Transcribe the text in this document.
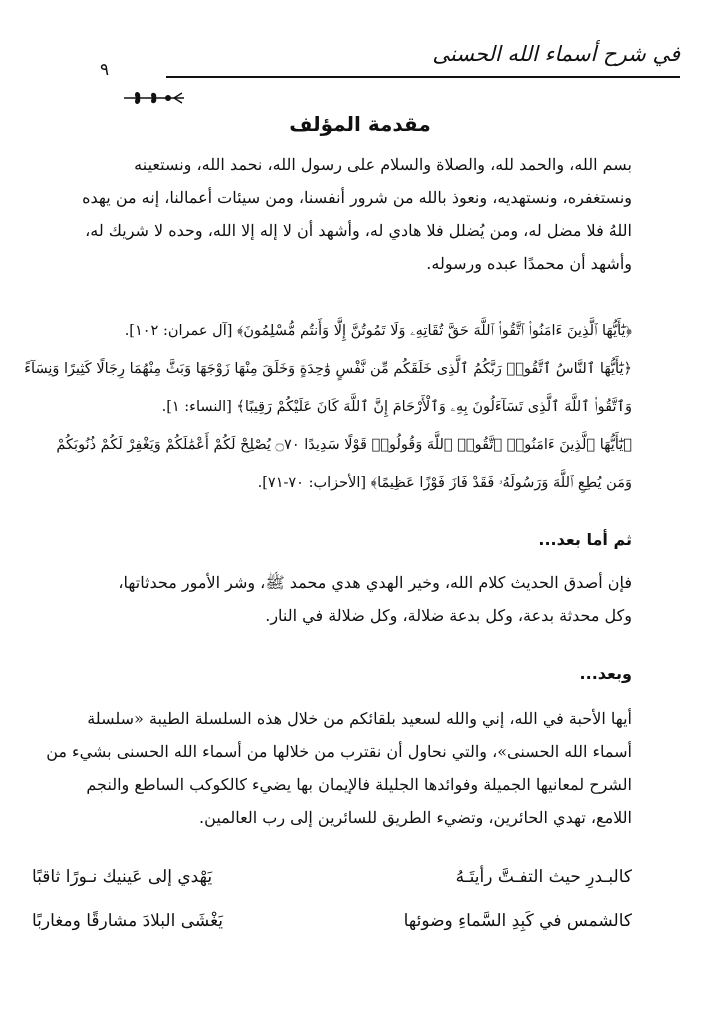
في شرح أسماء الله الحسنى
٩
مقدمة المؤلف

بسم الله، والحمد لله، والصلاة والسلام على رسول الله، نحمد الله، ونستعينه
ونستغفره، ونستهديه، ونعوذ بالله من شرور أنفسنا، ومن سيئات أعمالنا، إنه من يهده
اللهُ فلا مضل له، ومن يُضلل فلا هادي له، وأشهد أن لا إله إلا الله، وحده لا شريك له،
وأشهد أن محمدًا عبده ورسوله.

﴿يَٰٓأَيُّهَا ٱلَّذِينَ ءَامَنُوا۟ ٱتَّقُوا۟ ٱللَّهَ حَقَّ تُقَاتِهِۦ وَلَا تَمُوتُنَّ إِلَّا وَأَنتُم مُّسْلِمُونَ﴾ [آل عمران: ١٠٢].
﴿يَٰٓأَيُّهَا ٱلنَّاسُ ٱتَّقُوا۟ رَبَّكُمُ ٱلَّذِى خَلَقَكُم مِّن نَّفْسٍ وَٰحِدَةٍ وَخَلَقَ مِنْهَا زَوْجَهَا وَبَثَّ مِنْهُمَا رِجَالًا كَثِيرًا وَنِسَآءً
وَٱتَّقُوا۟ ٱللَّهَ ٱلَّذِى تَسَآءَلُونَ بِهِۦ وَٱلْأَرْحَامَ إِنَّ ٱللَّهَ كَانَ عَلَيْكُمْ رَقِيبًا﴾ [النساء: ١].
﴿يَٰٓأَيُّهَا ٱلَّذِينَ ءَامَنُوا۟ ٱتَّقُوا۟ ٱللَّهَ وَقُولُوا۟ قَوْلًا سَدِيدًا ۝٧٠ يُصْلِحْ لَكُمْ أَعْمَٰلَكُمْ وَيَغْفِرْ لَكُمْ ذُنُوبَكُمْ
وَمَن يُطِعِ ٱللَّهَ وَرَسُولَهُۥ فَقَدْ فَازَ فَوْزًا عَظِيمًا﴾ [الأحزاب: ٧٠-٧١].

ثم أما بعد...

فإن أصدق الحديث كلام الله، وخير الهدي هدي محمد ﷺ، وشر الأمور محدثاتها،
وكل محدثة بدعة، وكل بدعة ضلالة، وكل ضلالة في النار.

وبعد...

أيها الأحبة في الله، إني والله لسعيد بلقائكم من خلال هذه السلسلة الطيبة «سلسلة
أسماء الله الحسنى»، والتي نحاول أن نقترب من خلالها من أسماء الله الحسنى بشيء من
الشرح لمعانيها الجميلة وفوائدها الجليلة فالإيمان بها يضيء كالكوكب الساطع والنجم
اللامع، تهدي الحائرين، وتضيء الطريق للسائرين إلى رب العالمين.

كالبـدرِ حيث التفـتَّ رأيتَـهُ
يَهْدي إلى عَينيك نـورًا ثاقبًا
كالشمس في كَبِدِ السَّماءِ وضوئها
يَغْشَى البلادَ مشارقًا ومغاربًا
